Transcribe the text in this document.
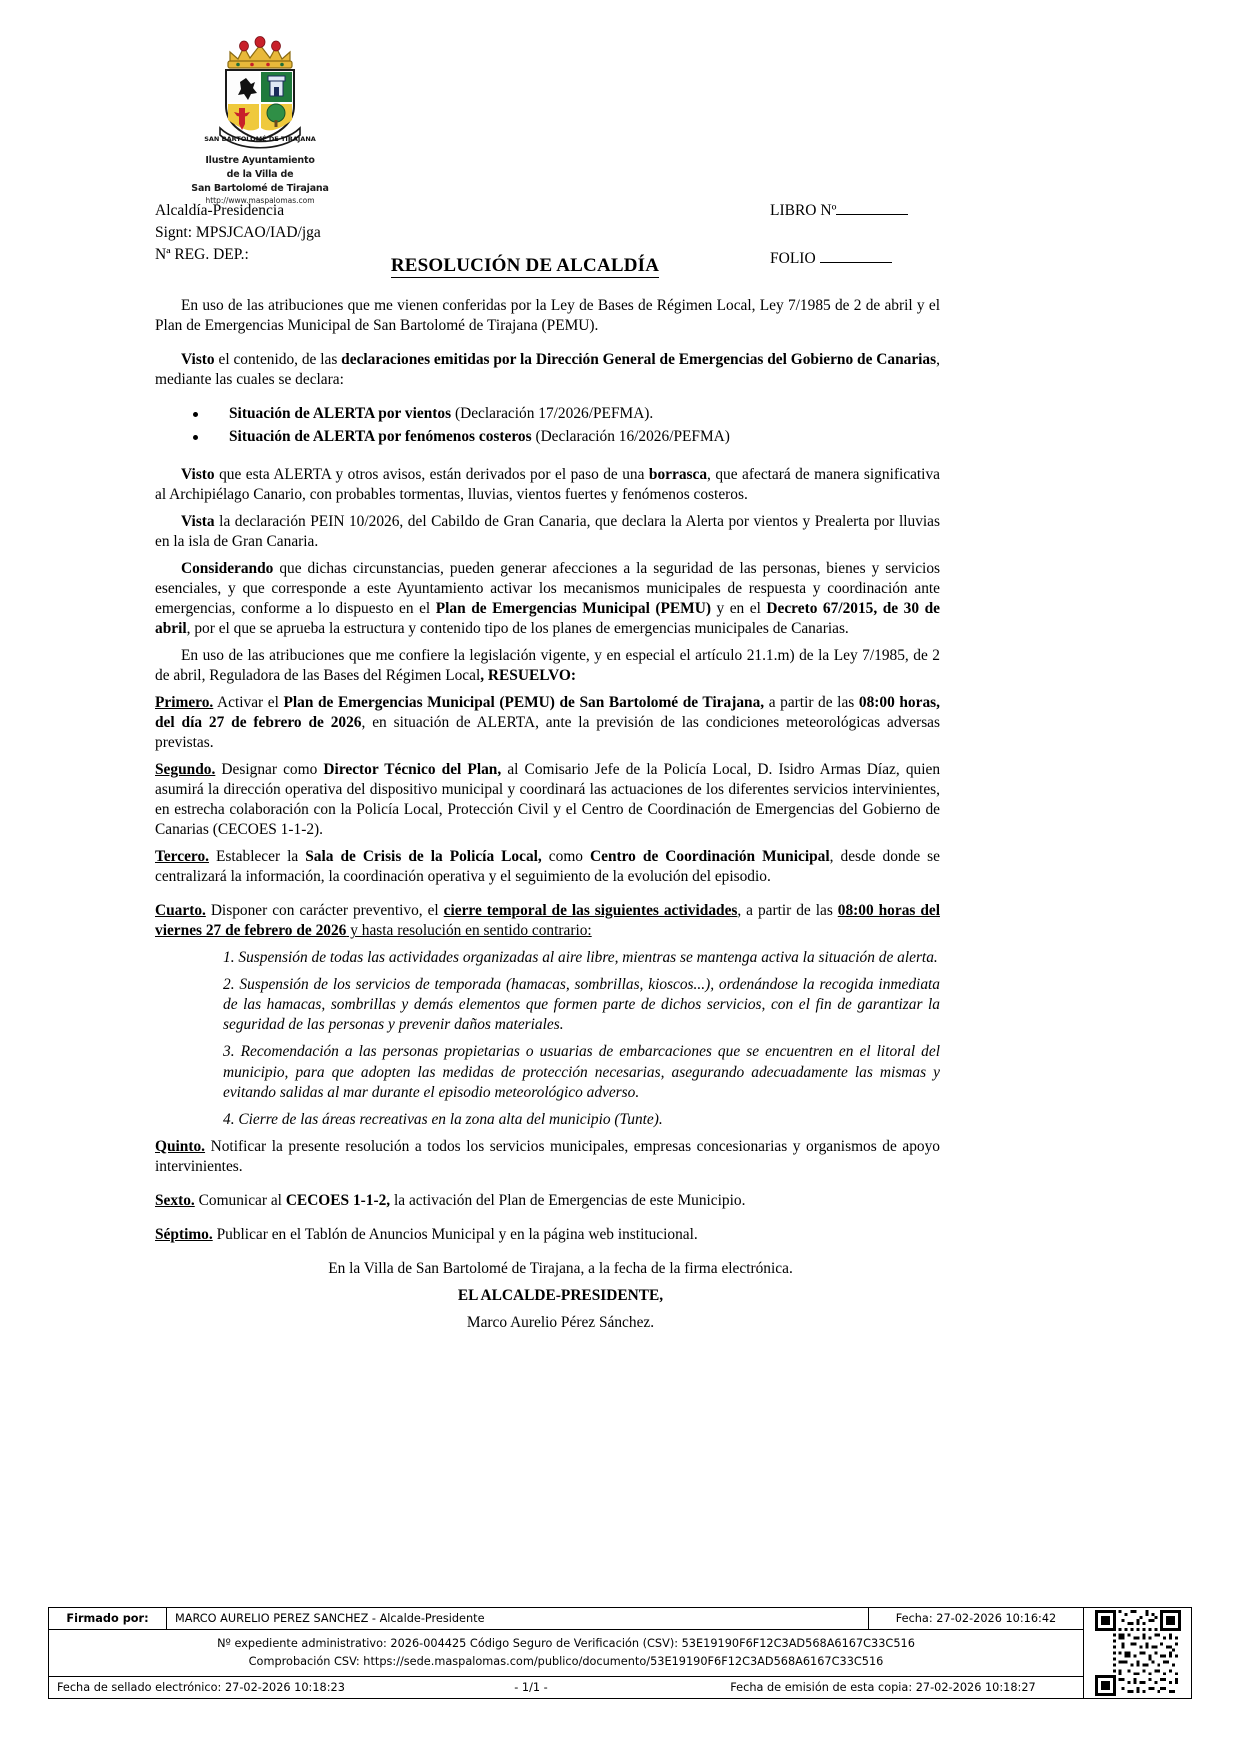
SAN BARTOLOMÉ DE TIRAJANA
Ilustre Ayuntamiento
de la Villa de
San Bartolomé de Tirajana
http://www.maspalomas.com
Alcaldía-Presidencia
Signt: MPSJCAO/IAD/jga
Nª REG. DEP.:
LIBRO Nº
FOLIO
RESOLUCIÓN DE ALCALDÍA

En uso de las atribuciones que me vienen conferidas por la Ley de Bases de Régimen Local, Ley 7/1985 de 2 de abril y el Plan de Emergencias Municipal de San Bartolomé de Tirajana (PEMU).

Visto el contenido, de las declaraciones emitidas por la Dirección General de Emergencias del Gobierno de Canarias, mediante las cuales se declara:

Situación de ALERTA por vientos (Declaración 17/2026/PEFMA).
Situación de ALERTA por fenómenos costeros (Declaración 16/2026/PEFMA)

Visto que esta ALERTA y otros avisos, están derivados por el paso de una borrasca, que afectará de manera significativa al Archipiélago Canario, con probables tormentas, lluvias, vientos fuertes y fenómenos costeros.

Vista la declaración PEIN 10/2026, del Cabildo de Gran Canaria, que declara la Alerta por vientos y Prealerta por lluvias en la isla de Gran Canaria.

Considerando que dichas circunstancias, pueden generar afecciones a la seguridad de las personas, bienes y servicios esenciales, y que corresponde a este Ayuntamiento activar los mecanismos municipales de respuesta y coordinación ante emergencias, conforme a lo dispuesto en el Plan de Emergencias Municipal (PEMU) y en el Decreto 67/2015, de 30 de abril, por el que se aprueba la estructura y contenido tipo de los planes de emergencias municipales de Canarias.

En uso de las atribuciones que me confiere la legislación vigente, y en especial el artículo 21.1.m) de la Ley 7/1985, de 2 de abril, Reguladora de las Bases del Régimen Local, RESUELVO:

Primero. Activar el Plan de Emergencias Municipal (PEMU) de San Bartolomé de Tirajana, a partir de las 08:00 horas, del día 27 de febrero de 2026, en situación de ALERTA, ante la previsión de las condiciones meteorológicas adversas previstas.

Segundo. Designar como Director Técnico del Plan, al Comisario Jefe de la Policía Local, D. Isidro Armas Díaz, quien asumirá la dirección operativa del dispositivo municipal y coordinará las actuaciones de los diferentes servicios intervinientes, en estrecha colaboración con la Policía Local, Protección Civil y el Centro de Coordinación de Emergencias del Gobierno de Canarias (CECOES 1-1-2).

Tercero. Establecer la Sala de Crisis de la Policía Local, como Centro de Coordinación Municipal, desde donde se centralizará la información, la coordinación operativa y el seguimiento de la evolución del episodio.

Cuarto. Disponer con carácter preventivo, el cierre temporal de las siguientes actividades, a partir de las 08:00 horas del viernes 27 de febrero de 2026 y hasta resolución en sentido contrario:

1. Suspensión de todas las actividades organizadas al aire libre, mientras se mantenga activa la situación de alerta.
2. Suspensión de los servicios de temporada (hamacas, sombrillas, kioscos...), ordenándose la recogida inmediata de las hamacas, sombrillas y demás elementos que formen parte de dichos servicios, con el fin de garantizar la seguridad de las personas y prevenir daños materiales.
3. Recomendación a las personas propietarias o usuarias de embarcaciones que se encuentren en el litoral del municipio, para que adopten las medidas de protección necesarias, asegurando adecuadamente las mismas y evitando salidas al mar durante el episodio meteorológico adverso.
4. Cierre de las áreas recreativas en la zona alta del municipio (Tunte).

Quinto. Notificar la presente resolución a todos los servicios municipales, empresas concesionarias y organismos de apoyo intervinientes.

Sexto. Comunicar al CECOES 1-1-2, la activación del Plan de Emergencias de este Municipio.

Séptimo. Publicar en el Tablón de Anuncios Municipal y en la página web institucional.

En la Villa de San Bartolomé de Tirajana, a la fecha de la firma electrónica.

EL ALCALDE-PRESIDENTE,

Marco Aurelio Pérez Sánchez.

Firmado por:	MARCO AURELIO PEREZ SANCHEZ - Alcalde-Presidente	Fecha: 27-02-2026 10:16:42
Nº expediente administrativo: 2026-004425 Código Seguro de Verificación (CSV): 53E19190F6F12C3AD568A6167C33C516
Comprobación CSV: https://sede.maspalomas.com/publico/documento/53E19190F6F12C3AD568A6167C33C516
Fecha de sellado electrónico: 27-02-2026 10:18:23	- 1/1 -	Fecha de emisión de esta copia: 27-02-2026 10:18:27
